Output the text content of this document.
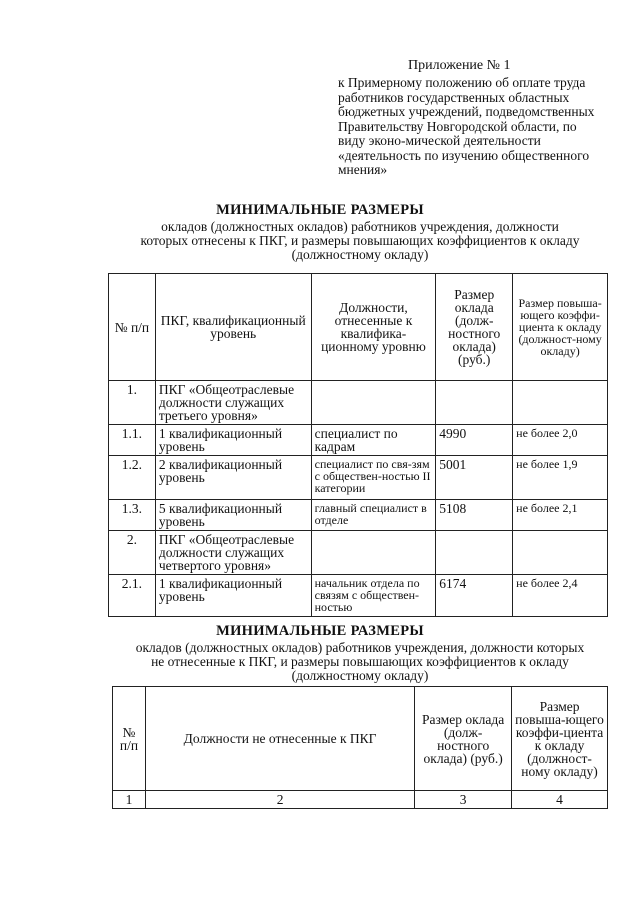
Приложение № 1
к Примерному положению об оплате труда работников государственных областных бюджетных учреждений, подведомственных Правительству Новгородской области, по виду эконо-мической деятельности «деятельность по изучению общественного мнения»
МИНИМАЛЬНЫЕ РАЗМЕРЫ
окладов (должностных окладов) работников учреждения, должности которых отнесены к ПКГ, и размеры повышающих коэффициентов к окладу (должностному окладу)
№ п/п	ПКГ, квалификационный уровень	Должности, отнесенные к квалифика-ционному уровню	Размер оклада (долж-ностного оклада) (руб.)	Размер повыша-ющего коэффи-циента к окладу (должност-ному окладу)
1.	ПКГ «Общеотраслевые должности служащих третьего уровня»			
1.1.	1 квалификационный уровень	специалист по кадрам	4990	не более 2,0
1.2.	2 квалификационный уровень	специалист по свя-зям с обществен-ностью II категории	5001	не более 1,9
1.3.	5 квалификационный уровень	главный специалист в отделе	5108	не более 2,1
2.	ПКГ «Общеотраслевые должности служащих четвертого уровня»			
2.1.	1 квалификационный уровень	начальник отдела по связям с обществен-ностью	6174	не более 2,4
МИНИМАЛЬНЫЕ РАЗМЕРЫ
окладов (должностных окладов) работников учреждения, должности которых не отнесенные к ПКГ, и размеры повышающих коэффициентов к окладу (должностному окладу)
№ п/п	Должности не отнесенные к ПКГ	Размер оклада (долж-ностного оклада) (руб.)	Размер повыша-ющего коэффи-циента к окладу (должност-ному окладу)
1	2	3	4
